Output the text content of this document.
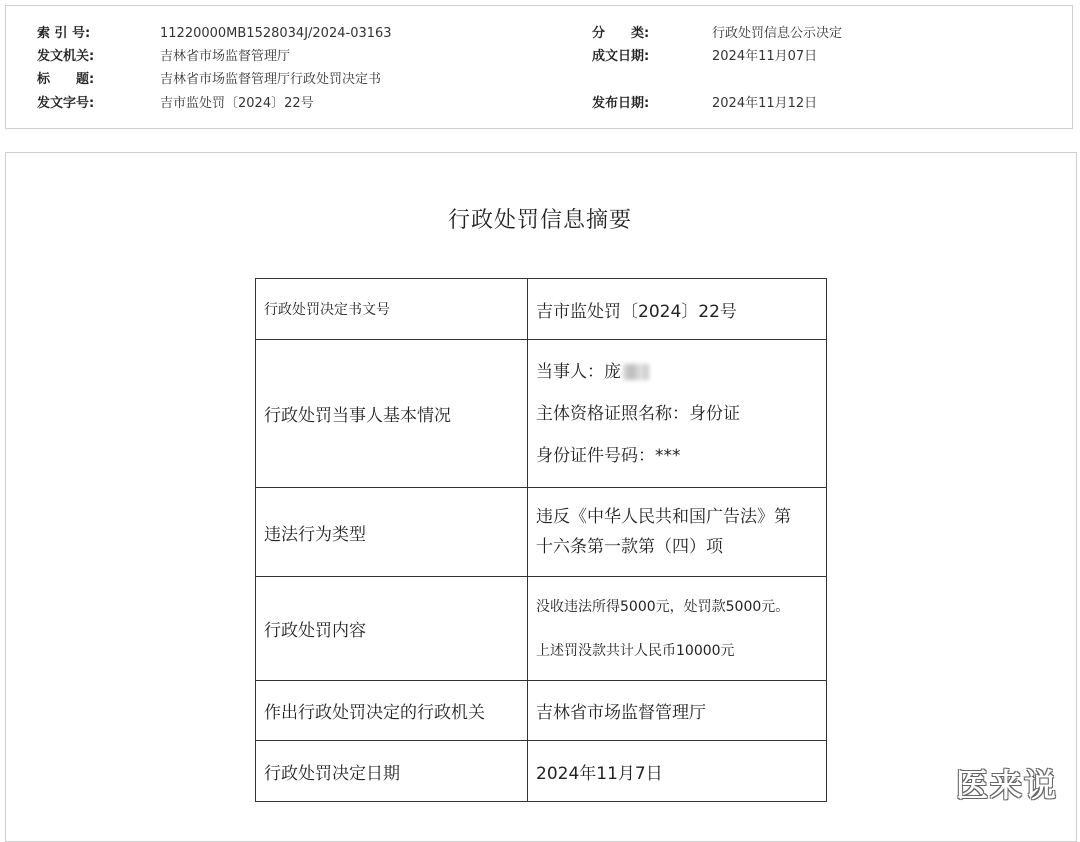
索 引 号:	11220000MB1528034J/2024-03163	分　　类:	行政处罚信息公示决定
发文机关:	吉林省市场监督管理厅	成文日期:	2024年11月07日
标　　题:	吉林省市场监督管理厅行政处罚决定书
发文字号:	吉市监处罚〔2024〕22号	发布日期:	2024年11月12日
行政处罚信息摘要
行政处罚决定书文号	吉市监处罚〔2024〕22号

行政处罚当事人基本情况	当事人：庞
主体资格证照名称：身份证
身份证件号码：***

违法行为类型	违反《中华人民共和国广告法》第
十六条第一款第（四）项

行政处罚内容	没收违法所得5000元，处罚款5000元。
上述罚没款共计人民币10000元

作出行政处罚决定的行政机关	吉林省市场监督管理厅

行政处罚决定日期	2024年11月7日	医来说
